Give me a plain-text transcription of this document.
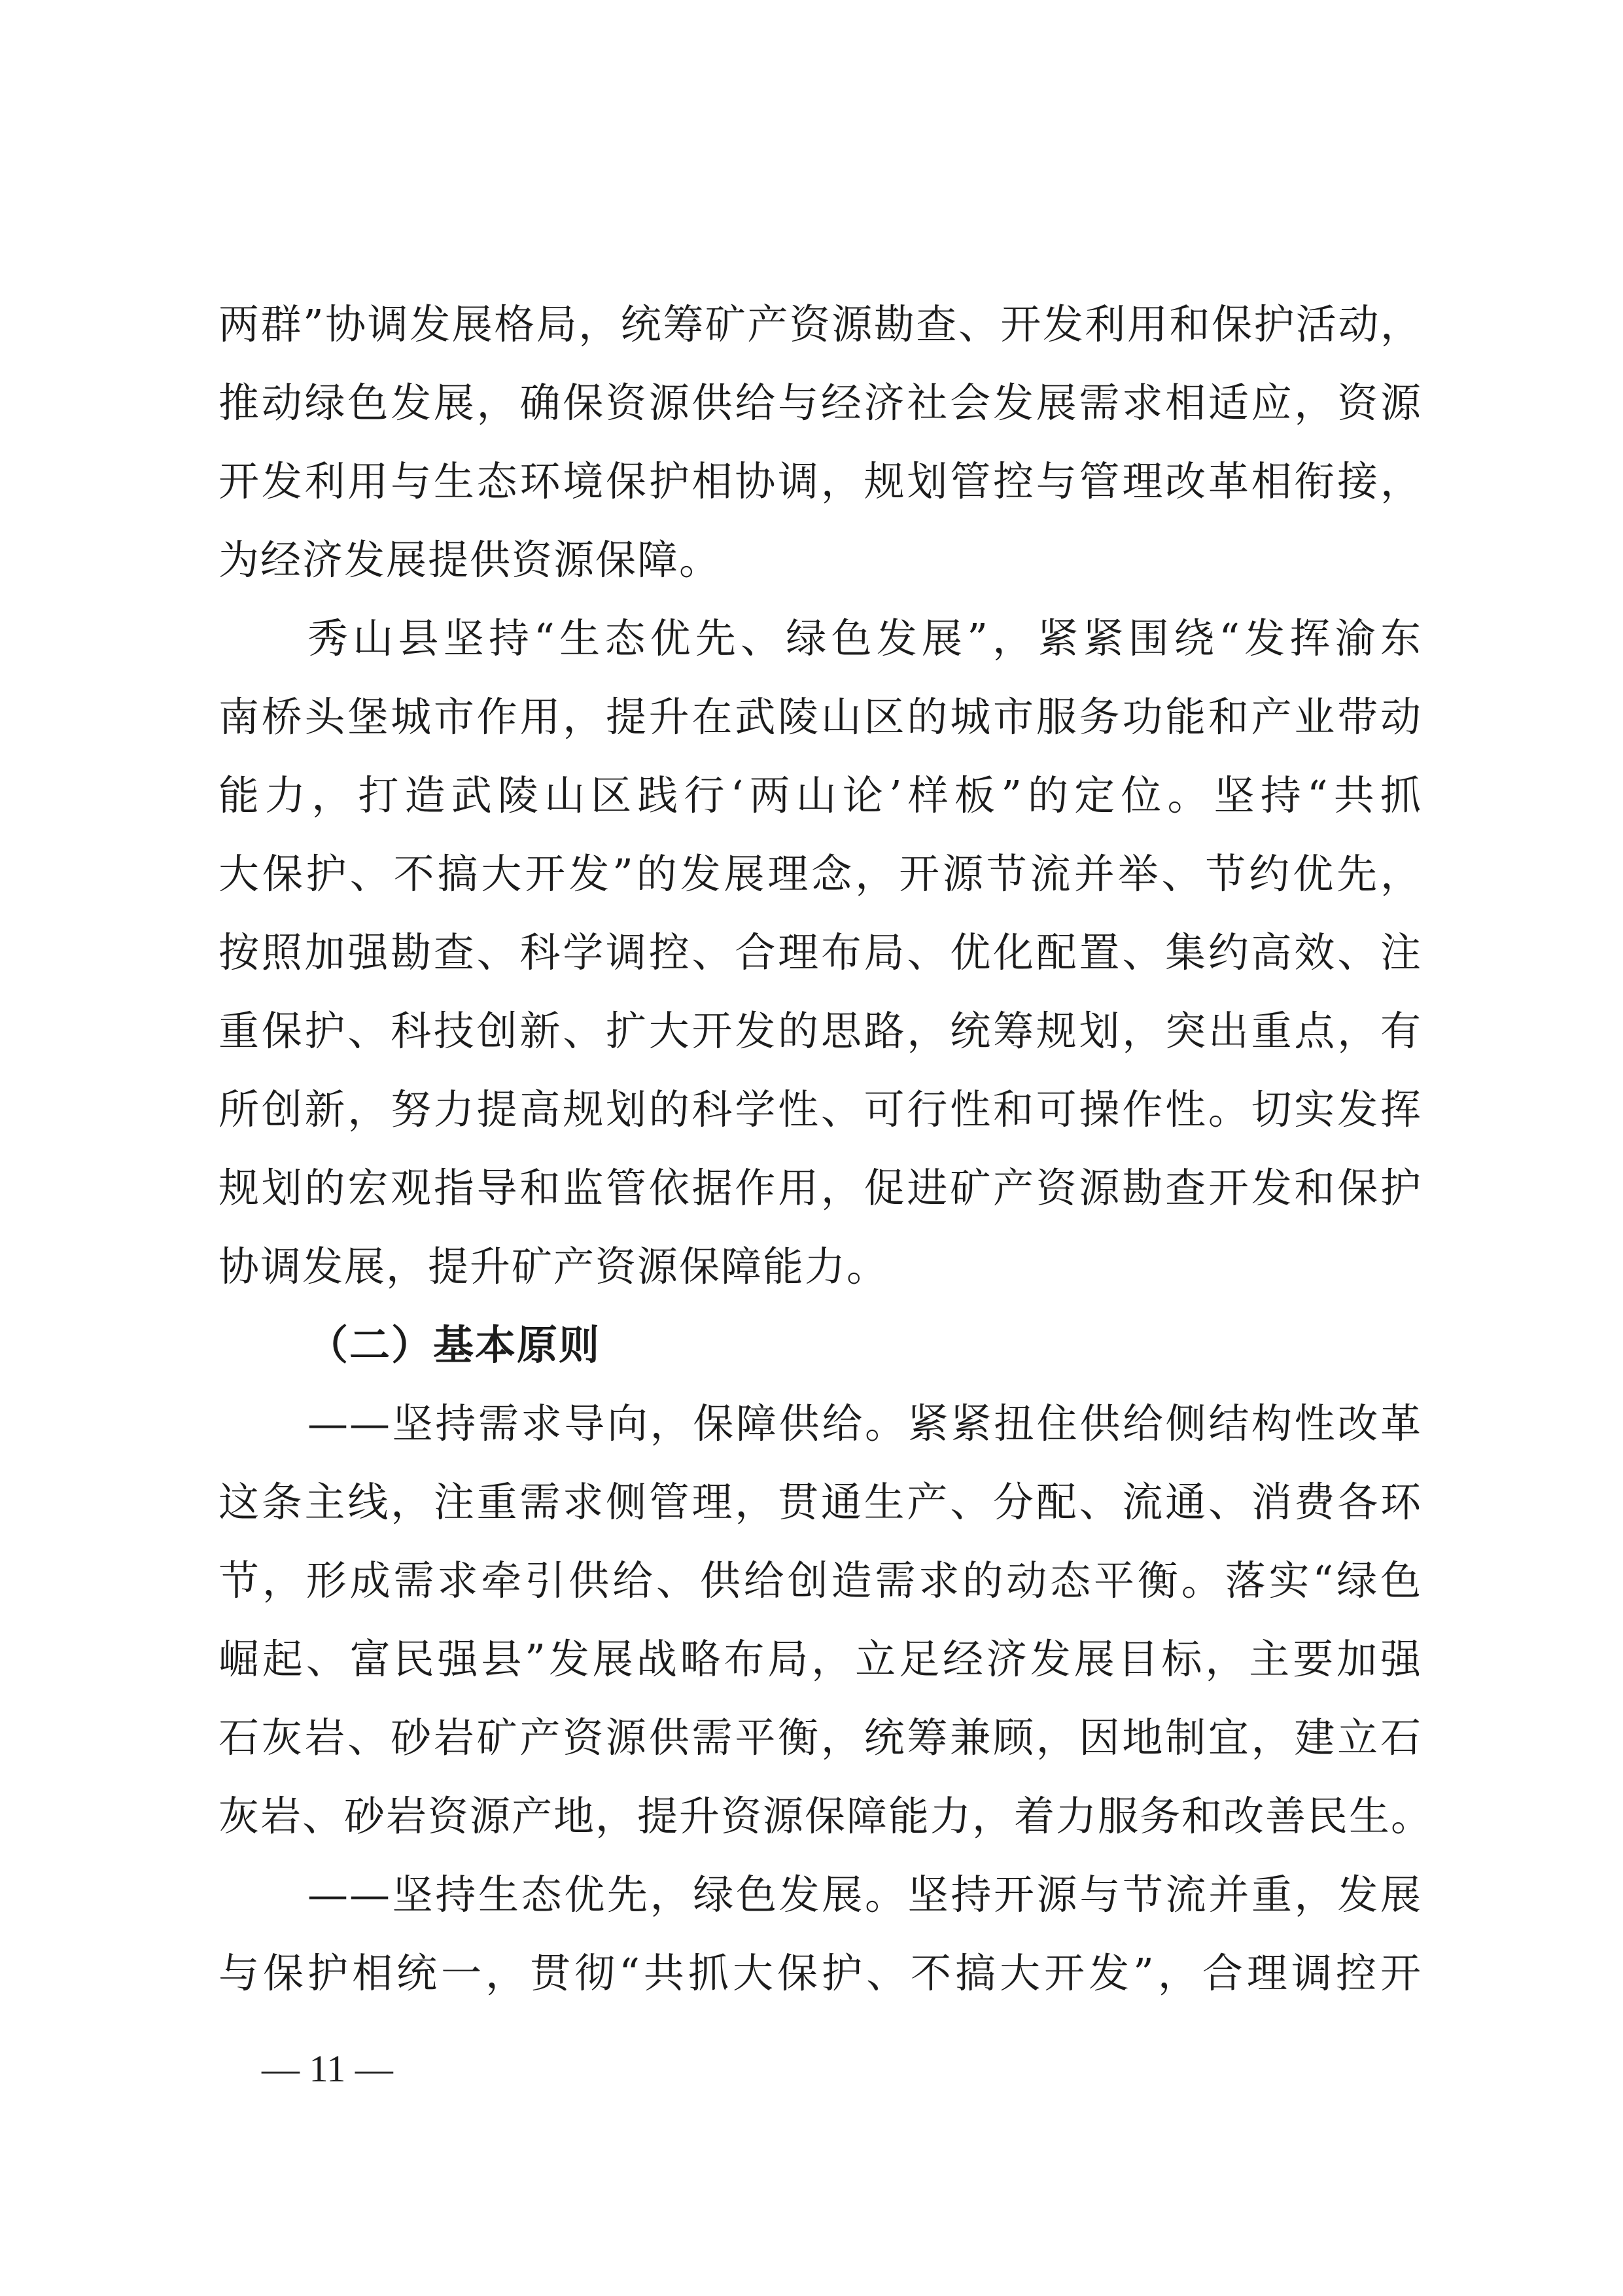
两群”协调发展格局，统筹矿产资源勘查、开发利用和保护活动，
推动绿色发展，确保资源供给与经济社会发展需求相适应，资源
开发利用与生态环境保护相协调，规划管控与管理改革相衔接，
为经济发展提供资源保障。
秀山县坚持“生态优先、绿色发展”，紧紧围绕“发挥渝东
南桥头堡城市作用，提升在武陵山区的城市服务功能和产业带动
能力，打造武陵山区践行‘两山论’样板”的定位。坚持“共抓
大保护、不搞大开发”的发展理念，开源节流并举、节约优先，
按照加强勘查、科学调控、合理布局、优化配置、集约高效、注
重保护、科技创新、扩大开发的思路，统筹规划，突出重点，有
所创新，努力提高规划的科学性、可行性和可操作性。切实发挥
规划的宏观指导和监管依据作用，促进矿产资源勘查开发和保护
协调发展，提升矿产资源保障能力。
（二）基本原则
——坚持需求导向，保障供给。紧紧扭住供给侧结构性改革
这条主线，注重需求侧管理，贯通生产、分配、流通、消费各环
节，形成需求牵引供给、供给创造需求的动态平衡。落实“绿色
崛起、富民强县”发展战略布局，立足经济发展目标，主要加强
石灰岩、砂岩矿产资源供需平衡，统筹兼顾，因地制宜，建立石
灰岩、砂岩资源产地，提升资源保障能力，着力服务和改善民生。
——坚持生态优先，绿色发展。坚持开源与节流并重，发展
与保护相统一，贯彻“共抓大保护、不搞大开发”，合理调控开
— 11 —
